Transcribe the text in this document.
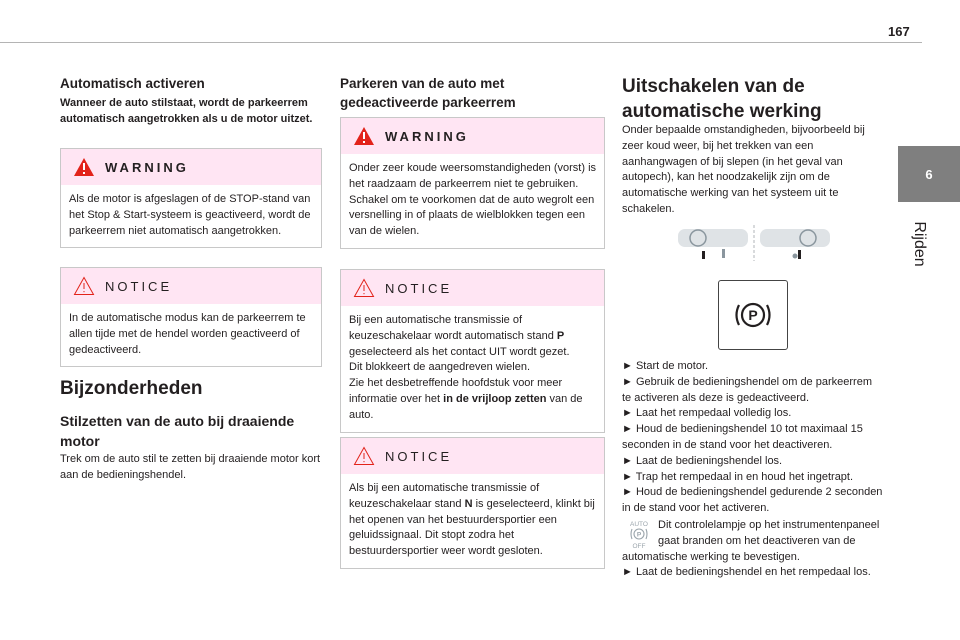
167
6
Rijden
Automatisch activeren

Wanneer de auto stilstaat, wordt de parkeerrem automatisch aangetrokken als u de motor uitzet.

WARNING

Als de motor is afgeslagen of de STOP-stand van het Stop & Start-systeem is geactiveerd, wordt de parkeerrem niet automatisch aangetrokken.

NOTICE

In de automatische modus kan de parkeerrem te allen tijde met de hendel worden geactiveerd of gedeactiveerd.

Bijzonderheden
Stilzetten van de auto bij draaiende motor

Trek om de auto stil te zetten bij draaiende motor kort aan de bedieningshendel.

Parkeren van de auto met gedeactiveerde parkeerrem
WARNING

Onder zeer koude weersomstandigheden (vorst) is het raadzaam de parkeerrem niet te gebruiken.
Schakel om te voorkomen dat de auto wegrolt een versnelling in of plaats de wielblokken tegen een van de wielen.

NOTICE

Bij een automatische transmissie of keuzeschakelaar wordt automatisch stand P geselecteerd als het contact UIT wordt gezet.
Dit blokkeert de aangedreven wielen.
Zie het desbetreffende hoofdstuk voor meer informatie over het in de vrijloop zetten van de auto.

NOTICE

Als bij een automatische transmissie of keuzeschakelaar stand N is geselecteerd, klinkt bij het openen van het bestuurdersportier een geluidssignaal. Dit stopt zodra het bestuurdersportier weer wordt gesloten.

Uitschakelen van de automatische werking

Onder bepaalde omstandigheden, bijvoorbeeld bij zeer koud weer, bij het trekken van een aanhangwagen of bij slepen (in het geval van autopech), kan het noodzakelijk zijn om de automatische werking van het systeem uit te schakelen.

P

► Start de motor.

► Gebruik de bedieningshendel om de parkeerrem te activeren als deze is gedeactiveerd.

► Laat het rempedaal volledig los.

► Houd de bedieningshendel 10 tot maximaal 15 seconden in de stand voor het deactiveren.

► Laat de bedieningshendel los.

► Trap het rempedaal in en houd het ingetrapt.

► Houd de bedieningshendel gedurende 2 seconden in de stand voor het activeren.

AUTO
P
OFF

Dit controlelampje op het instrumentenpaneel gaat branden om het deactiveren van de automatische werking te bevestigen.

► Laat de bedieningshendel en het rempedaal los.
